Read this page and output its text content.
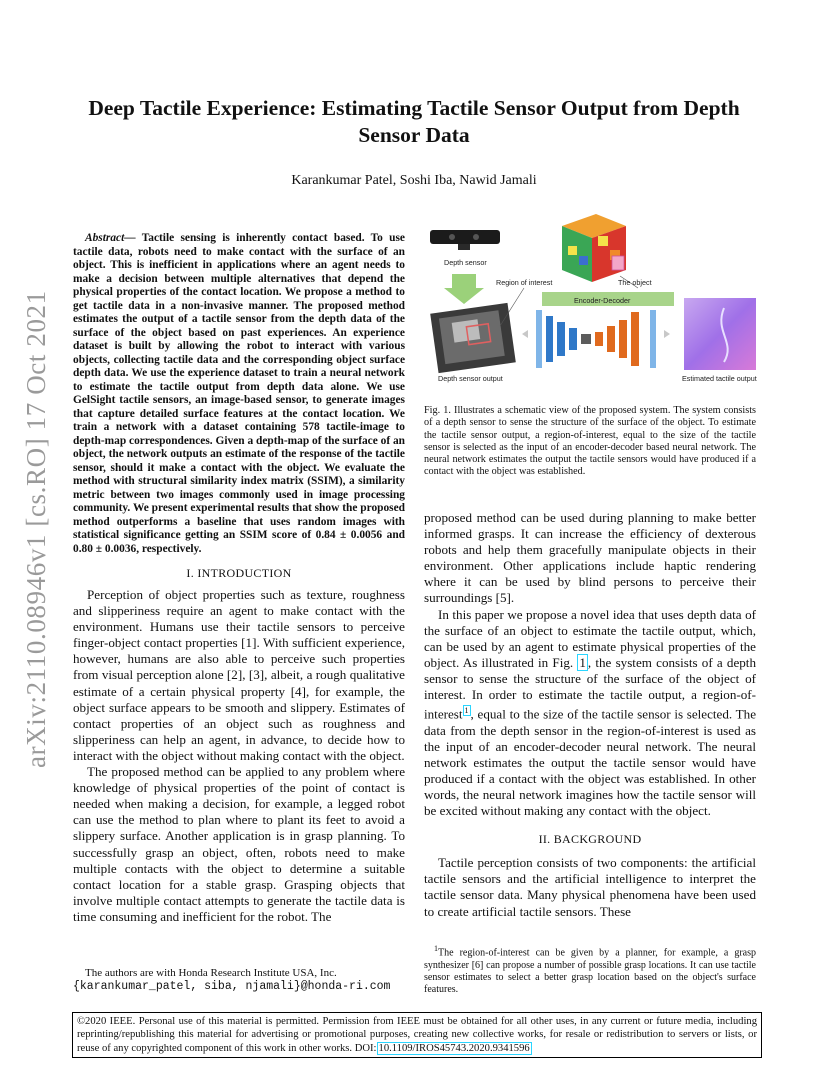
arXiv:2110.08946v1 [cs.RO] 17 Oct 2021
Deep Tactile Experience: Estimating Tactile Sensor Output from Depth
Sensor Data
Karankumar Patel, Soshi Iba, Nawid Jamali
Abstract— Tactile sensing is inherently contact based. To use tactile data, robots need to make contact with the surface of an object. This is inefficient in applications where an agent needs to make a decision between multiple alternatives that depend the physical properties of the contact location. We propose a method to get tactile data in a non-invasive manner. The proposed method estimates the output of a tactile sensor from the depth data of the surface of the object based on past experiences. An experience dataset is built by allowing the robot to interact with various objects, collecting tactile data and the corresponding object surface depth data. We use the experience dataset to train a neural network to estimate the tactile output from depth data alone. We use GelSight tactile sensors, an image-based sensor, to generate images that capture detailed surface features at the contact location. We train a network with a dataset containing 578 tactile-image to depth-map correspondences. Given a depth-map of the surface of an object, the network outputs an estimate of the response of the tactile sensor, should it make a contact with the object. We evaluate the method with structural similarity index matrix (SSIM), a similarity metric between two images commonly used in image processing community. We present experimental results that show the proposed method outperforms a baseline that uses random images with statistical significance getting an SSIM score of 0.84 ± 0.0056 and 0.80 ± 0.0036, respectively.
I. INTRODUCTION

Perception of object properties such as texture, roughness and slipperiness require an agent to make contact with the environment. Humans use their tactile sensors to perceive finger-object contact properties [1]. With sufficient experience, however, humans are also able to perceive such properties from visual perception alone [2], [3], albeit, a rough qualitative estimate of a certain physical property [4], for example, the object surface appears to be smooth and slippery. Estimates of contact properties of an object such as roughness and slipperiness can help an agent, in advance, to decide how to interact with the object without making contact with the object.

The proposed method can be applied to any problem where knowledge of physical properties of the point of contact is needed when making a decision, for example, a legged robot can use the method to plan where to plant its feet to avoid a slippery surface. Another application is in grasp planning. To successfully grasp an object, often, robots need to make multiple contacts with the object to determine a suitable contact location for a stable grasp. Grasping objects that involve multiple contact attempts to generate the tactile data is time consuming and inefficient for the robot. The

The authors are with Honda Research Institute USA, Inc.
{karankumar_patel, siba, njamali}@honda-ri.com
Depth sensor
Region of interest	The object
Encoder-Decoder
Depth sensor output	Estimated tactile output
Fig. 1. Illustrates a schematic view of the proposed system. The system consists of a depth sensor to sense the structure of the surface of the object. To estimate the tactile sensor output, a region-of-interest, equal to the size of the tactile sensor is selected as the input of an encoder-decoder based neural network. The neural network estimates the output the tactile sensors would have produced if a contact with the object was established.

proposed method can be used during planning to make better informed grasps. It can increase the efficiency of dexterous robots and help them gracefully manipulate objects in their environment. Other applications include haptic rendering where it can be used by blind persons to perceive their surroundings [5].

In this paper we propose a novel idea that uses depth data of the surface of an object to estimate the tactile output, which, can be used by an agent to estimate physical properties of the object. As illustrated in Fig. 1 , the system consists of a depth sensor to sense the structure of the surface of the object of interest. In order to estimate the tactile output, a region-of-interest $^1$ , equal to the size of the tactile sensor is selected. The data from the depth sensor in the region-of-interest is used as the input of an encoder-decoder neural network. The neural network estimates the output the tactile sensor would have produced if a contact with the object was established. In other words, the neural network imagines how the tactile sensor will be excited without making any contact with the object.

II. BACKGROUND

Tactile perception consists of two components: the artificial tactile sensors and the artificial intelligence to interpret the tactile sensor data. Many physical phenomena have been used to create artificial tactile sensors. These

$^1$The region-of-interest can be given by a planner, for example, a grasp synthesizer [6] can propose a number of possible grasp locations. It can use tactile sensor estimates to select a better grasp location based on the object's surface features.
©2020 IEEE. Personal use of this material is permitted. Permission from IEEE must be obtained for all other uses, in any current or future media, including reprinting/republishing this material for advertising or promotional purposes, creating new collective works, for resale or redistribution to servers or lists, or reuse of any copyrighted component of this work in other works. DOI: 10.1109/IROS45743.2020.9341596
